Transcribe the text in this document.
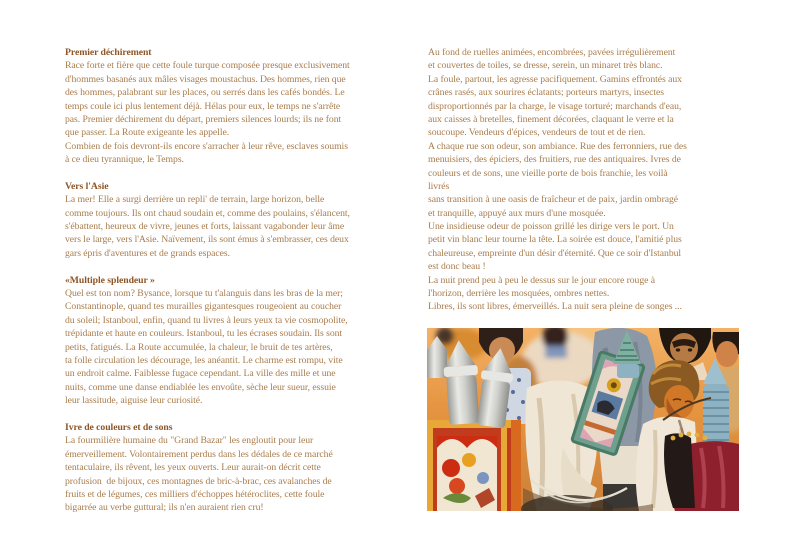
Premier déchirement
Race forte et fière que cette foule turque composée presque exclusivement
d'hommes basanés aux mâles visages moustachus. Des hommes, rien que
des hommes, palabrant sur les places, ou serrés dans les cafés bondés. Le
temps coule ici plus lentement déjà. Hélas pour eux, le temps ne s'arrête
pas. Premier déchirement du départ, premiers silences lourds; ils ne font
que passer. La Route exigeante les appelle.
Combien de fois devront-ils encore s'arracher à leur rêve, esclaves soumis
à ce dieu tyrannique, le Temps.
Vers l'Asie
La mer! Elle a surgi derrière un repli' de terrain, large horizon, belle
comme toujours. Ils ont chaud soudain et, comme des poulains, s'élancent,
s'ébattent, heureux de vivre, jeunes et forts, laissant vagabonder leur âme
vers le large, vers l'Asie. Naïvement, ils sont émus à s'embrasser, ces deux
gars épris d'aventures et de grands espaces.
«Multiple splendeur »
Quel est ton nom? Bysance, lorsque tu t'alanguis dans les bras de la mer;
Constantinople, quand tes murailles gigantesques rougeoient au coucher
du soleil; Istanboul, enfin, quand tu livres à leurs yeux ta vie cosmopolite,
trépidante et haute en couleurs. Istanboul, tu les écrases soudain. Ils sont
petits, fatigués. La Route accumulée, la chaleur, le bruit de tes artères,
ta folle circulation les décourage, les anéantit. Le charme est rompu, vite
un endroit calme. Faiblesse fugace cependant. La ville des mille et une
nuits, comme une danse endiablée les envoûte, sèche leur sueur, essuie
leur lassitude, aiguise leur curiosité.
Ivre de couleurs et de sons
La fourmilière humaine du "Grand Bazar" les engloutit pour leur
émerveillement. Volontairement perdus dans les dédales de ce marché
tentaculaire, ils rêvent, les yeux ouverts. Leur aurait-on décrit cette
profusion  de bijoux, ces montagnes de bric-à-brac, ces avalanches de
fruits et de légumes, ces milliers d'échoppes hétéroclites, cette foule
bigarrée au verbe guttural; ils n'en auraient rien cru!
Au fond de ruelles animées, encombrées, pavées irrégulièrement
et couvertes de toiles, se dresse, serein, un minaret très blanc.
La foule, partout, les agresse pacifiquement. Gamins effrontés aux
crânes rasés, aux sourires éclatants; porteurs martyrs, insectes
disproportionnés par la charge, le visage torturé; marchands d'eau,
aux caisses à bretelles, finement décorées, claquant le verre et la
soucoupe. Vendeurs d'épices, vendeurs de tout et de rien.
A chaque rue son odeur, son ambiance. Rue des ferronniers, rue des
menuisiers, des épiciers, des fruitiers, rue des antiquaires. Ivres de
couleurs et de sons, une vieille porte de bois franchie, les voilà
livrés
sans transition à une oasis de fraîcheur et de paix, jardin ombragé
et tranquille, appuyé aux murs d'une mosquée.
Une insidieuse odeur de poisson grillé les dirige vers le port. Un
petit vin blanc leur tourne la tête. La soirée est douce, l'amitié plus
chaleureuse, empreinte d'un désir d'éternité. Que ce soir d'Istanbul
est donc beau !
La nuit prend peu à peu le dessus sur le jour encore rouge à
l'horizon, derrière les mosquées, ombres nettes.
Libres, ils sont libres, émerveillés. La nuit sera pleine de songes ...
